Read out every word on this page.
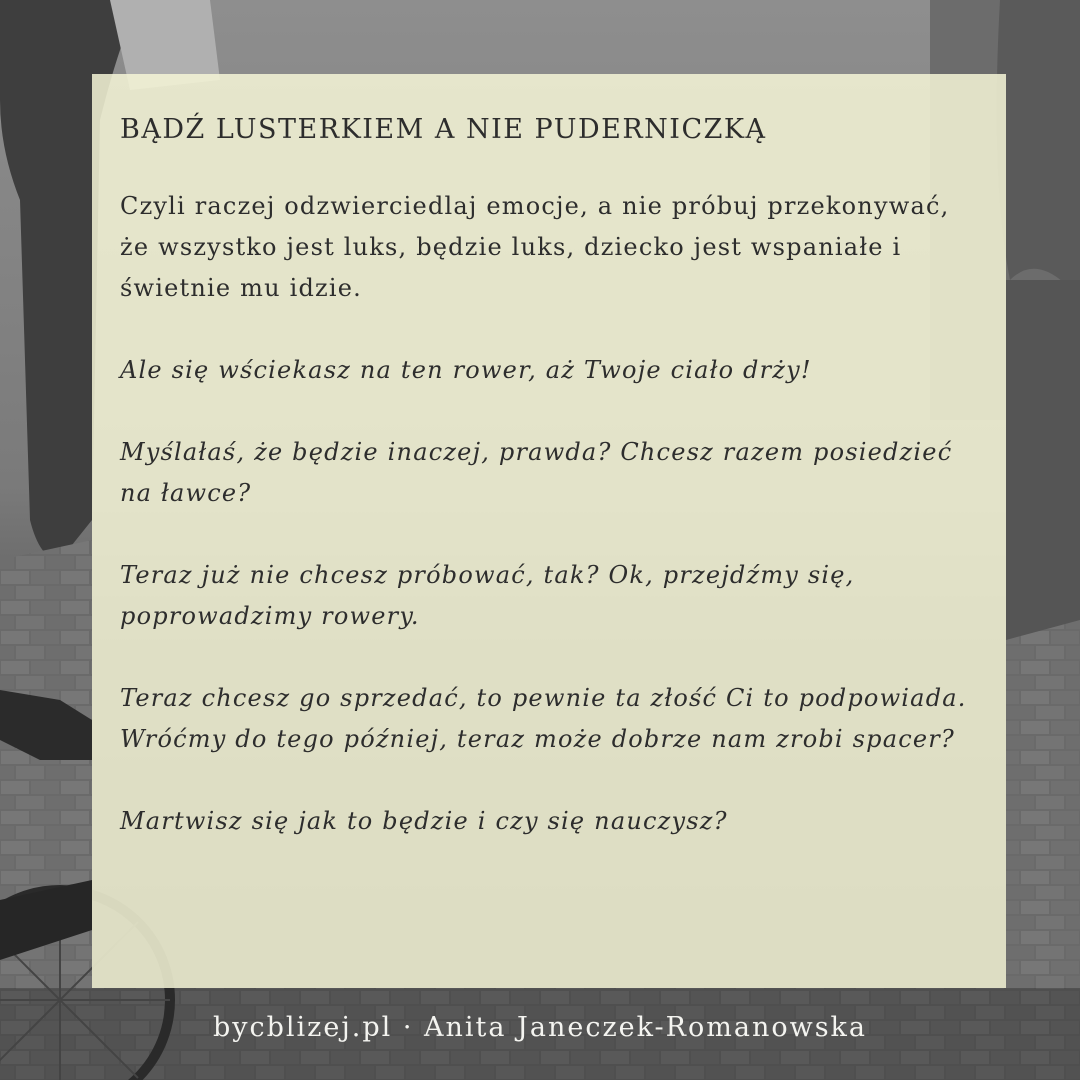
BĄDŹ LUSTERKIEM A NIE PUDERNICZKĄ
Czyli raczej odzwierciedlaj emocje, a nie próbuj przekonywać, że wszystko jest luks, będzie luks, dziecko jest wspaniałe i świetnie mu idzie.
Ale się wściekasz na ten rower, aż Twoje ciało drży!
Myślałaś, że będzie inaczej, prawda? Chcesz razem posiedzieć na ławce?
Teraz już nie chcesz próbować, tak? Ok, przejdźmy się, poprowadzimy rowery.
Teraz chcesz go sprzedać, to pewnie ta złość Ci to podpowiada. Wróćmy do tego później, teraz może dobrze nam zrobi spacer?
Martwisz się jak to będzie i czy się nauczysz?
bycblizej.pl · Anita Janeczek-Romanowska
